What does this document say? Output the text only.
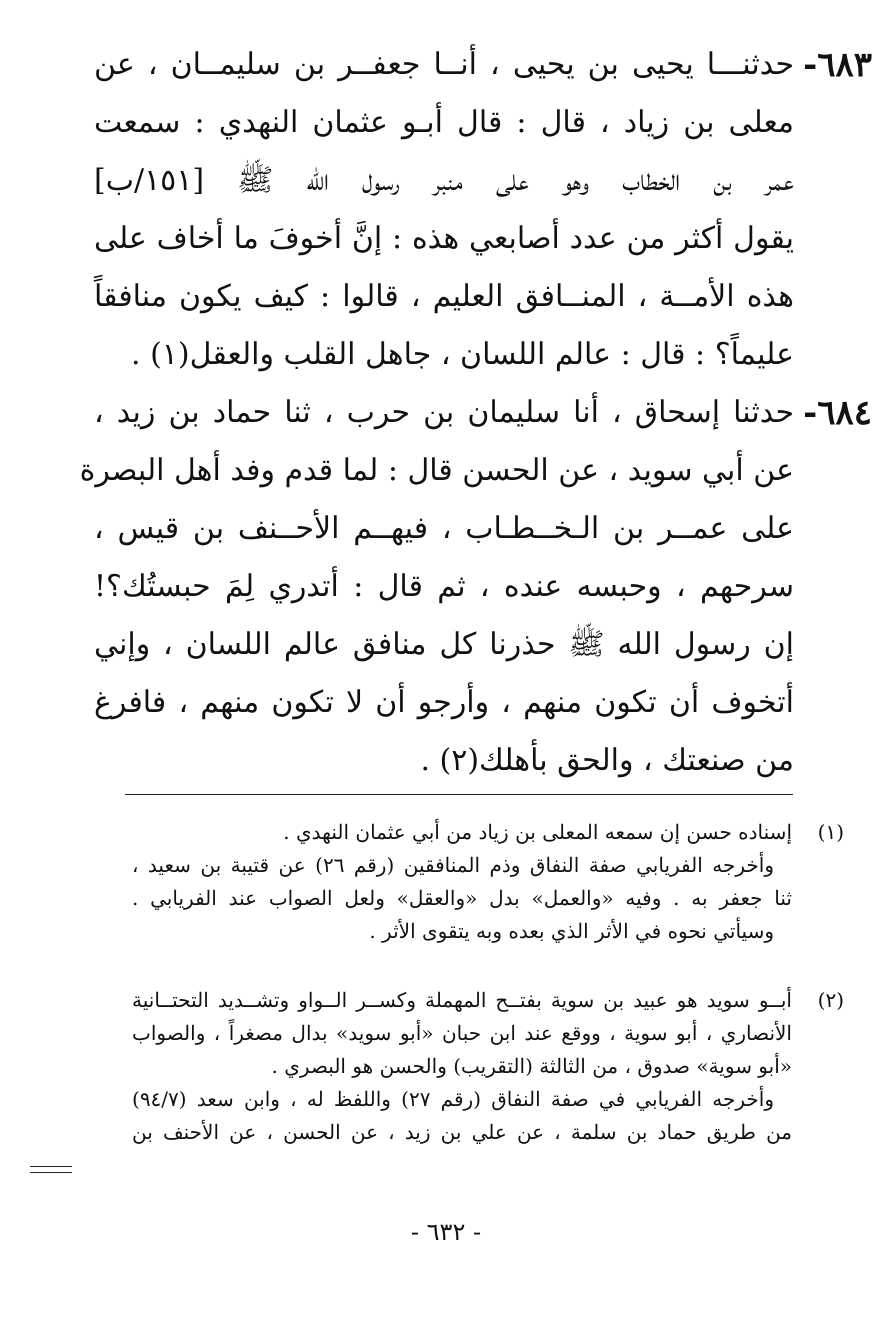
٦٨٣-
حدثنـــا يحيى بن يحيى ، أنــا جعفــر بن سليمــان ، عن
معلى بن زياد ، قال : قال أبـو عثمان النهدي : سمعت
عمر بن الخطاب وهو على منبر رسول الله ﷺ [١٥١/ب]
يقول أكثر من عدد أصابعي هذه : إنَّ أخوفَ ما أخاف على
هذه الأمــة ، المنــافق العليم ، قالوا : كيف يكون منافقاً
عليماً؟ : قال : عالم اللسان ، جاهل القلب والعقل(١) .
٦٨٤-
حدثنا إسحاق ، أنا سليمان بن حرب ، ثنا حماد بن زيد ،
عن أبي سويد ، عن الحسن قال : لما قدم وفد أهل البصرة
على عمــر بن الـخــطـاب ، فيهــم الأحــنف بن قيس ،
سرحهم ، وحبسه عنده ، ثم قال : أتدري لِمَ حبستُك؟!
إن رسول الله ﷺ حذرنا كل منافق عالم اللسان ، وإني
أتخوف أن تكون منهم ، وأرجو أن لا تكون منهم ، فافرغ
من صنعتك ، والحق بأهلك(٢) .
(١)
إسناده حسن إن سمعه المعلى بن زياد من أبي عثمان النهدي .
وأخرجه الفريابي صفة النفاق وذم المنافقين (رقم ٢٦) عن قتيبة بن سعيد ،
ثنا جعفر به . وفيه «والعمل» بدل «والعقل» ولعل الصواب عند الفريابي .
وسيأتي نحوه في الأثر الذي بعده وبه يتقوى الأثر .
(٢)
أبــو سويد هو عبيد بن سوية بفتــح المهملة وكســر الــواو وتشــديد التحتــانية
الأنصاري ، أبو سوية ، ووقع عند ابن حبان «أبو سويد» بدال مصغراً ، والصواب
«أبو سوية» صدوق ، من الثالثة (التقريب) والحسن هو البصري .
وأخرجه الفريابي في صفة النفاق (رقم ٢٧) واللفظ له ، وابن سعد (٩٤/٧)
من طريق حماد بن سلمة ، عن علي بن زيد ، عن الحسن ، عن الأحنف بن
- ٦٣٢ -
